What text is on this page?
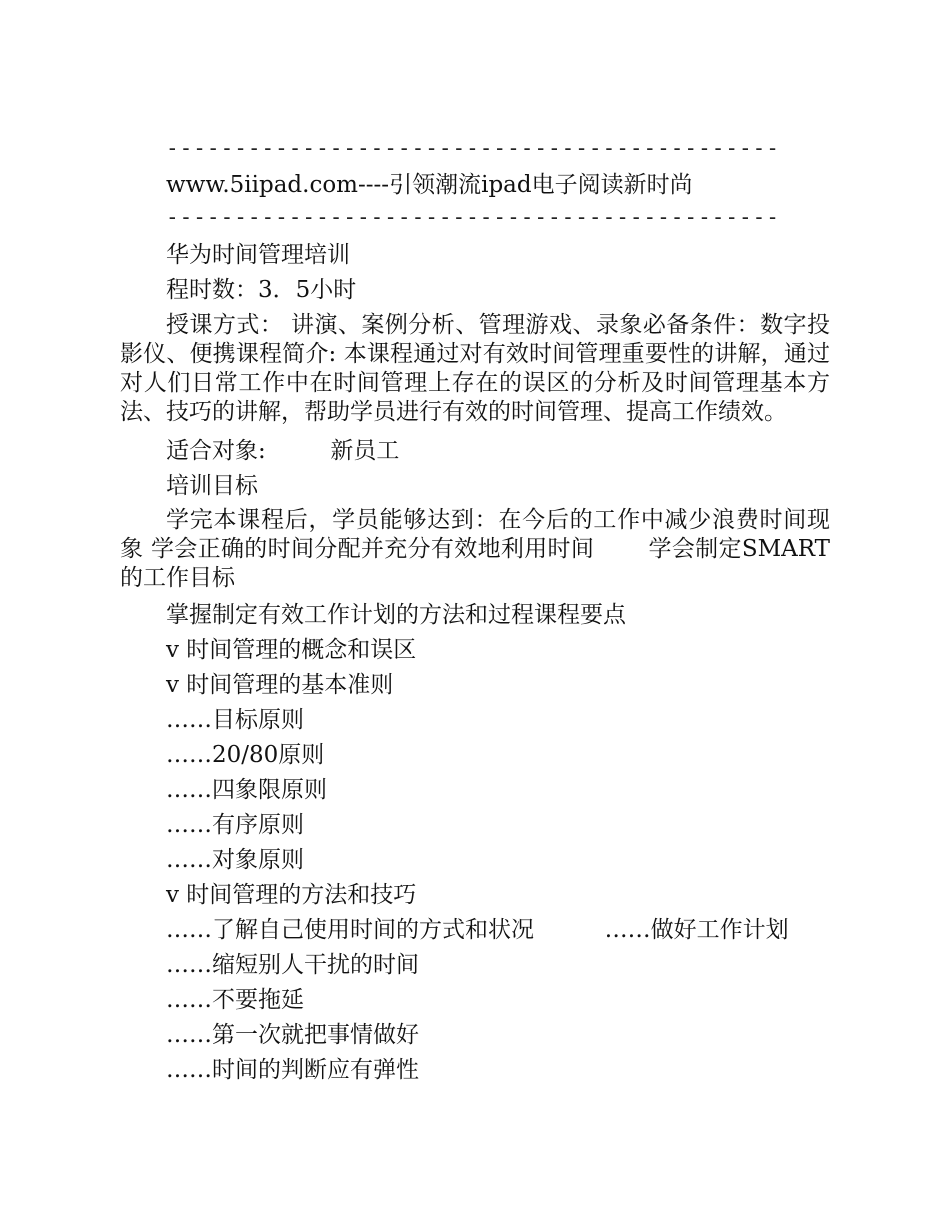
---------------------------------------------
www.5iipad.com----引领潮流ipad电子阅读新时尚
---------------------------------------------
华为时间管理培训
程时数：3．5小时

授课方式： 讲演、案例分析、管理游戏、录象必备条件：数字投影仪、便携课程简介: 本课程通过对有效时间管理重要性的讲解，通过对人们日常工作中在时间管理上存在的误区的分析及时间管理基本方法、技巧的讲解，帮助学员进行有效的时间管理、提高工作绩效。

适合对象:	新员工
培训目标

学完本课程后，学员能够达到：在今后的工作中减少浪费时间现象 学会正确的时间分配并充分有效地利用时间 　　学会制定SMART的工作目标

掌握制定有效工作计划的方法和过程课程要点
v 时间管理的概念和误区
v 时间管理的基本准则
……目标原则
……20/80原则
……四象限原则
……有序原则
……对象原则
v 时间管理的方法和技巧
……了解自己使用时间的方式和状况	……做好工作计划
……缩短别人干扰的时间
……不要拖延
……第一次就把事情做好
……时间的判断应有弹性
